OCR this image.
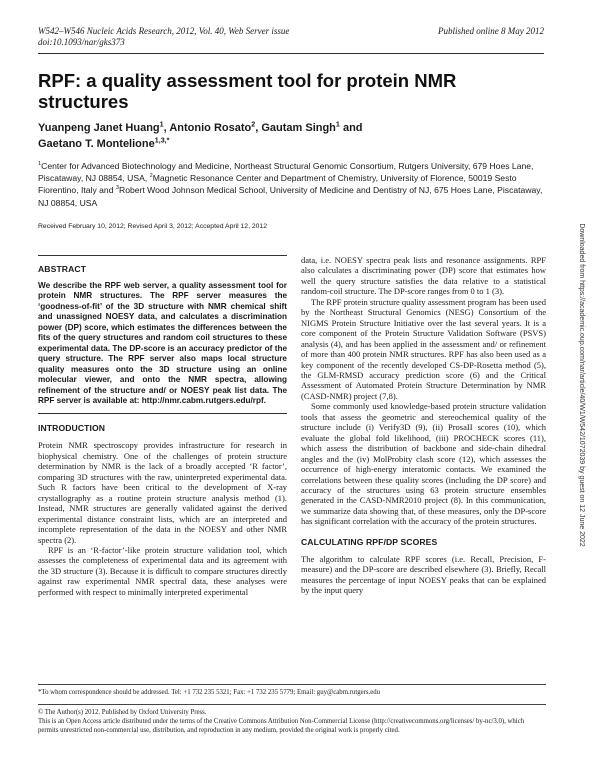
W542–W546 Nucleic Acids Research, 2012, Vol. 40, Web Server issue
doi:10.1093/nar/gks373
Published online 8 May 2012
RPF: a quality assessment tool for protein NMR structures
Yuanpeng Janet Huang$^1$, Antonio Rosato$^2$, Gautam Singh$^1$ and
Gaetano T. Montelione$^{1,3,*}$
$^1$Center for Advanced Biotechnology and Medicine, Northeast Structural Genomic Consortium, Rutgers University, 679 Hoes Lane, Piscataway, NJ 08854, USA, $^2$Magnetic Resonance Center and Department of Chemistry, University of Florence, 50019 Sesto Fiorentino, Italy and $^3$Robert Wood Johnson Medical School, University of Medicine and Dentistry of NJ, 675 Hoes Lane, Piscataway, NJ 08854, USA
Received February 10, 2012; Revised April 3, 2012; Accepted April 12, 2012
ABSTRACT

We describe the RPF web server, a quality assessment tool for protein NMR structures. The RPF server measures the ‘goodness-of-fit’ of the 3D structure with NMR chemical shift and unassigned NOESY data, and calculates a discrimination power (DP) score, which estimates the differences between the fits of the query structures and random coil structures to these experimental data. The DP-score is an accuracy predictor of the query structure. The RPF server also maps local structure quality measures onto the 3D structure using an online molecular viewer, and onto the NMR spectra, allowing refinement of the structure and/ or NOESY peak list data. The RPF server is available at: http://nmr.cabm.rutgers.edu/rpf.

INTRODUCTION

Protein NMR spectroscopy provides infrastructure for research in biophysical chemistry. One of the challenges of protein structure determination by NMR is the lack of a broadly accepted ‘R factor’, comparing 3D structures with the raw, uninterpreted experimental data. Such R factors have been critical to the development of X-ray crystallography as a routine protein structure analysis method (1). Instead, NMR structures are generally validated against the derived experimental distance constraint lists, which are an interpreted and incomplete representation of the data in the NOESY and other NMR spectra (2).

RPF is an ‘R-factor’-like protein structure validation tool, which assesses the completeness of experimental data and its agreement with the 3D structure (3). Because it is difficult to compare structures directly against raw experimental NMR spectral data, these analyses were performed with respect to minimally interpreted experimental

data, i.e. NOESY spectra peak lists and resonance assignments. RPF also calculates a discriminating power (DP) score that estimates how well the query structure satisfies the data relative to a statistical random-coil structure. The DP-score ranges from 0 to 1 (3).

The RPF protein structure quality assessment program has been used by the Northeast Structural Genomics (NESG) Consortium of the NIGMS Protein Structure Initiative over the last several years. It is a core component of the Protein Structure Validation Software (PSVS) analysis (4), and has been applied in the assessment and/ or refinement of more than 400 protein NMR structures. RPF has also been used as a key component of the recently developed CS-DP-Rosetta method (5), the GLM-RMSD accuracy prediction score (6) and the Critical Assessment of Automated Protein Structure Determination by NMR (CASD-NMR) project (7,8).

Some commonly used knowledge-based protein structure validation tools that assess the geometric and stereochemical quality of the structure include (i) Verify3D (9), (ii) ProsaII scores (10), which evaluate the global fold likelihood, (iii) PROCHECK scores (11), which assess the distribution of backbone and side-chain dihedral angles and the (iv) MolProbity clash score (12), which assesses the occurrence of high-energy interatomic contacts. We examined the correlations between these quality scores (including the DP score) and accuracy of the structures using 63 protein structure ensembles generated in the CASD-NMR2010 project (8). In this communication, we summarize data showing that, of these measures, only the DP-score has significant correlation with the accuracy of the protein structures.

CALCULATING RPF/DP SCORES

The algorithm to calculate RPF scores (i.e. Recall, Precision, F-measure) and the DP-score are described elsewhere (3). Briefly, Recall measures the percentage of input NOESY peaks that can be explained by the input query

*To whom correspondence should be addressed. Tel: +1 732 235 5321; Fax: +1 732 235 5779; Email: guy@cabm.rutgers.edu
© The Author(s) 2012. Published by Oxford University Press.
This is an Open Access article distributed under the terms of the Creative Commons Attribution Non-Commercial License (http://creativecommons.org/licenses/ by-nc/3.0), which permits unrestricted non-commercial use, distribution, and reproduction in any medium, provided the original work is properly cited.
Downloaded from https://academic.oup.com/nar/article/40/W1/W542/1072039 by guest on 12 June 2022
